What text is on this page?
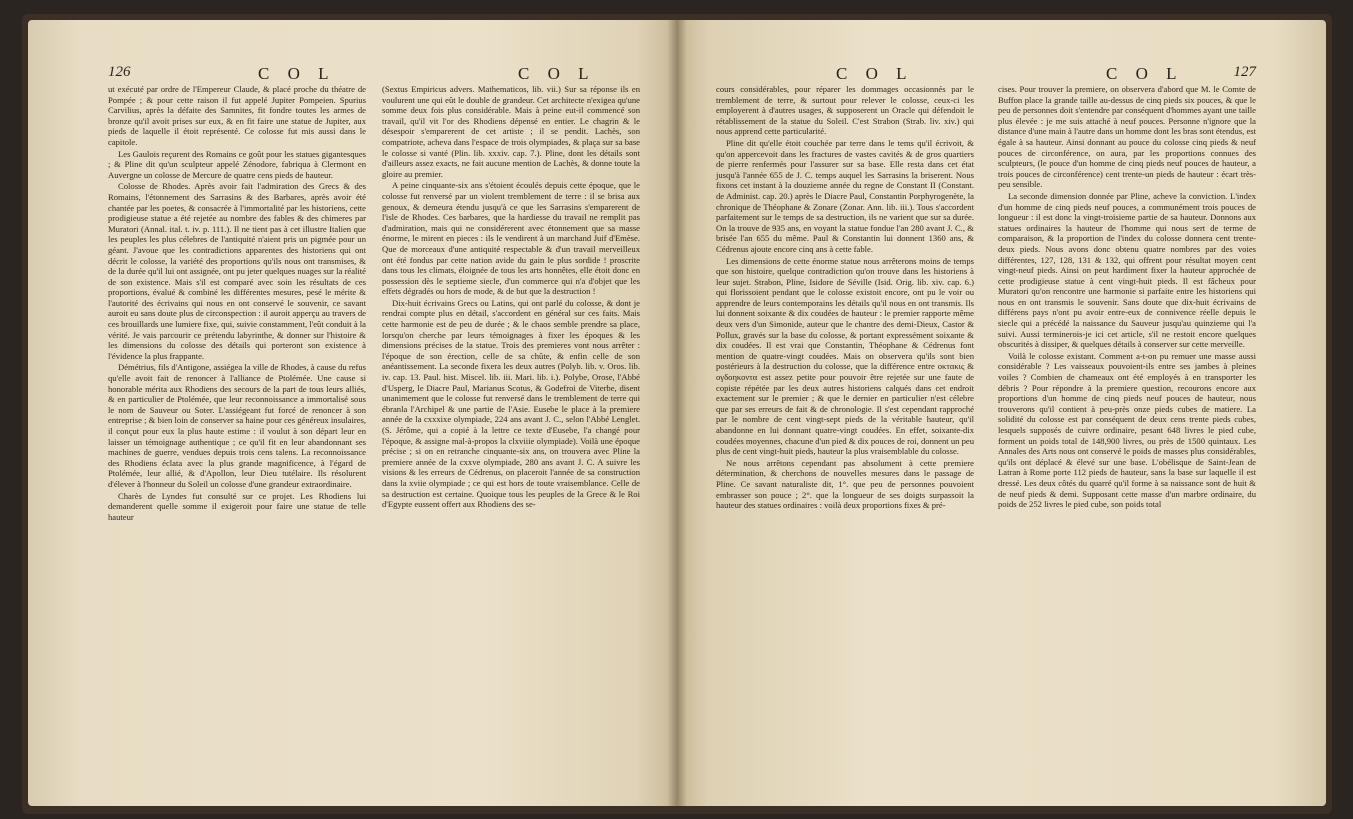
126	C O L	C O L

ut exécuté par ordre de l'Empereur Claude, & placé proche du théatre de Pompée ; & pour cette raison il fut appelé Jupiter Pompeien. Spurius Carvilius, après la défaite des Samnites, fit fondre toutes les armes de bronze qu'il avoit prises sur eux, & en fit faire une statue de Jupiter, aux pieds de laquelle il étoit représenté. Ce colosse fut mis aussi dans le capitole.

Les Gaulois reçurent des Romains ce goût pour les statues gigantesques ; & Pline dit qu'un sculpteur appelé Zénodore, fabriqua à Clermont en Auvergne un colosse de Mercure de quatre cens pieds de hauteur.

Colosse de Rhodes. Après avoir fait l'admiration des Grecs & des Romains, l'étonnement des Sarrasins & des Barbares, après avoir été chantée par les poetes, & consacrée à l'immortalité par les historiens, cette prodigieuse statue a été rejetée au nombre des fables & des chimeres par Muratori (Annal. ital. t. iv. p. 111.). Il ne tient pas à cet illustre Italien que les peuples les plus célebres de l'antiquité n'aient pris un pigmée pour un géant. J'avoue que les contradictions apparentes des historiens qui ont décrit le colosse, la variété des proportions qu'ils nous ont transmises, & de la durée qu'il lui ont assignée, ont pu jeter quelques nuages sur la réalité de son existence. Mais s'il est comparé avec soin les résultats de ces proportions, évalué & combiné les différentes mesures, pesé le mérite & l'autorité des écrivains qui nous en ont conservé le souvenir, ce savant auroit eu sans doute plus de circonspection : il auroit apperçu au travers de ces brouillards une lumiere fixe, qui, suivie constamment, l'eût conduit à la vérité. Je vais parcourir ce prétendu labyrinthe, & donner sur l'histoire & les dimensions du colosse des détails qui porteront son existence à l'évidence la plus frappante.

Démétrius, fils d'Antigone, assiégea la ville de Rhodes, à cause du refus qu'elle avoit fait de renoncer à l'alliance de Ptolémée. Une cause si honorable mérita aux Rhodiens des secours de la part de tous leurs alliés, & en particulier de Ptolémée, que leur reconnoissance a immortalisé sous le nom de Sauveur ou Soter. L'assiégeant fut forcé de renoncer à son entreprise ; & bien loin de conserver sa haine pour ces généreux insulaires, il conçut pour eux la plus haute estime : il voulut à son départ leur en laisser un témoignage authentique ; ce qu'il fit en leur abandonnant ses machines de guerre, vendues depuis trois cens talens. La reconnoissance des Rhodiens éclata avec la plus grande magnificence, à l'égard de Ptolémée, leur allié, & d'Apollon, leur Dieu tutélaire. Ils résolurent d'élever à l'honneur du Soleil un colosse d'une grandeur extraordinaire.

Charès de Lyndes fut consulté sur ce projet. Les Rhodiens lui demanderent quelle somme il exigeroit pour faire une statue de telle hauteur

(Sextus Empiricus advers. Mathematicos, lib. vii.) Sur sa réponse ils en voulurent une qui eût le double de grandeur. Cet architecte n'exigea qu'une somme deux fois plus considérable. Mais à peine eut-il commencé son travail, qu'il vit l'or des Rhodiens dépensé en entier. Le chagrin & le désespoir s'emparerent de cet artiste ; il se pendit. Lachès, son compatriote, acheva dans l'espace de trois olympiades, & plaça sur sa base le colosse si vanté (Plin. lib. xxxiv. cap. 7.). Pline, dont les détails sont d'ailleurs assez exacts, ne fait aucune mention de Lachès, & donne toute la gloire au premier.

A peine cinquante-six ans s'étoient écoulés depuis cette époque, que le colosse fut renversé par un violent tremblement de terre : il se brisa aux genoux, & demeura étendu jusqu'à ce que les Sarrasins s'emparerent de l'isle de Rhodes. Ces barbares, que la hardiesse du travail ne remplit pas d'admiration, mais qui ne considérerent avec étonnement que sa masse énorme, le mirent en pieces : ils le vendirent à un marchand Juif d'Emèse. Que de morceaux d'une antiquité respectable & d'un travail merveilleux ont été fondus par cette nation avide du gain le plus sordide ! proscrite dans tous les climats, éloignée de tous les arts honnêtes, elle étoit donc en possession dès le septieme siecle, d'un commerce qui n'a d'objet que les effets dégradés ou hors de mode, & de but que la destruction !

Dix-huit écrivains Grecs ou Latins, qui ont parlé du colosse, & dont je rendrai compte plus en détail, s'accordent en général sur ces faits. Mais cette harmonie est de peu de durée ; & le chaos semble prendre sa place, lorsqu'on cherche par leurs témoignages à fixer les époques & les dimensions précises de la statue. Trois des premieres vont nous arrêter : l'époque de son érection, celle de sa chûte, & enfin celle de son anéantissement. La seconde fixera les deux autres (Polyb. lib. v. Oros. lib. iv. cap. 13. Paul. hist. Miscel. lib. iii. Mari. lib. i.). Polybe, Orose, l'Abbé d'Usperg, le Diacre Paul, Marianus Scotus, & Godefroi de Viterbe, disent unanimement que le colosse fut renversé dans le tremblement de terre qui ébranla l'Archipel & une partie de l'Asie. Eusebe le place à la premiere année de la cxxxixe olympiade, 224 ans avant J. C., selon l'Abbé Lenglet. (S. Jérôme, qui a copié à la lettre ce texte d'Eusebe, l'a changé pour l'époque, & assigne mal-à-propos la clxviiie olympiade). Voilà une époque précise ; si on en retranche cinquante-six ans, on trouvera avec Pline la premiere année de la cxxve olympiade, 280 ans avant J. C. A suivre les visions & les erreurs de Cédrenus, on placeroit l'année de sa construction dans la xviie olympiade ; ce qui est hors de toute vraisemblance. Celle de sa destruction est certaine. Quoique tous les peuples de la Grece & le Roi d'Egypte eussent offert aux Rhodiens des se-

C O L	C O L	127

cours considérables, pour réparer les dommages occasionnés par le tremblement de terre, & surtout pour relever le colosse, ceux-ci les employerent à d'autres usages, & supposerent un Oracle qui défendoit le rétablissement de la statue du Soleil. C'est Strabon (Strab. liv. xiv.) qui nous apprend cette particularité.

Pline dit qu'elle étoit couchée par terre dans le tems qu'il écrivoit, & qu'on appercevoit dans les fractures de vastes cavités & de gros quartiers de pierre renfermés pour l'assurer sur sa base. Elle resta dans cet état jusqu'à l'année 655 de J. C. temps auquel les Sarrasins la briserent. Nous fixons cet instant à la douzieme année du regne de Constant II (Constant. de Administ. cap. 20.) après le Diacre Paul, Constantin Porphyrogenète, la chronique de Théophane & Zonare (Zonar. Ann. lib. iii.). Tous s'accordent parfaitement sur le temps de sa destruction, ils ne varient que sur sa durée. On la trouve de 935 ans, en voyant la statue fondue l'an 280 avant J. C., & brisée l'an 655 du même. Paul & Constantin lui donnent 1360 ans, & Cédrenus ajoute encore cinq ans à cette fable.

Les dimensions de cette énorme statue nous arrêterons moins de temps que son histoire, quelque contradiction qu'on trouve dans les historiens à leur sujet. Strabon, Pline, Isidore de Séville (Isid. Orig. lib. xiv. cap. 6.) qui florissoient pendant que le colosse existoit encore, ont pu le voir ou apprendre de leurs contemporains les détails qu'il nous en ont transmis. Ils lui donnent soixante & dix coudées de hauteur : le premier rapporte même deux vers d'un Simonide, auteur que le chantre des demi-Dieux, Castor & Pollux, gravés sur la base du colosse, & portant expressément soixante & dix coudées. Il est vrai que Constantin, Théophane & Cédrenus font mention de quatre-vingt coudées. Mais on observera qu'ils sont bien postérieurs à la destruction du colosse, que la différence entre οκτακις & ογδοηκοντα est assez petite pour pouvoir être rejetée sur une faute de copiste répétée par les deux autres historiens calqués dans cet endroit exactement sur le premier ; & que le dernier en particulier n'est célebre que par ses erreurs de fait & de chronologie. Il s'est cependant rapproché par le nombre de cent vingt-sept pieds de la véritable hauteur, qu'il abandonne en lui donnant quatre-vingt coudées. En effet, soixante-dix coudées moyennes, chacune d'un pied & dix pouces de roi, donnent un peu plus de cent vingt-huit pieds, hauteur la plus vraisemblable du colosse.

Ne nous arrêtons cependant pas absolument à cette premiere détermination, & cherchons de nouvelles mesures dans le passage de Pline. Ce savant naturaliste dit, 1°. que peu de personnes pouvoient embrasser son pouce ; 2°. que la longueur de ses doigts surpassoit la hauteur des statues ordinaires : voilà deux proportions fixes & pré-

cises. Pour trouver la premiere, on observera d'abord que M. le Comte de Buffon place la grande taille au-dessus de cinq pieds six pouces, & que le peu de personnes doit s'entendre par conséquent d'hommes ayant une taille plus élevée : je me suis attaché à neuf pouces. Personne n'ignore que la distance d'une main à l'autre dans un homme dont les bras sont étendus, est égale à sa hauteur. Ainsi donnant au pouce du colosse cinq pieds & neuf pouces de circonférence, on aura, par les proportions connues des sculpteurs, (le pouce d'un homme de cinq pieds neuf pouces de hauteur, a trois pouces de circonférence) cent trente-un pieds de hauteur : écart très-peu sensible.

La seconde dimension donnée par Pline, acheve la conviction. L'index d'un homme de cinq pieds neuf pouces, a communément trois pouces de longueur : il est donc la vingt-troisieme partie de sa hauteur. Donnons aux statues ordinaires la hauteur de l'homme qui nous sert de terme de comparaison, & la proportion de l'index du colosse donnera cent trente-deux pieds. Nous avons donc obtenu quatre nombres par des voies différentes, 127, 128, 131 & 132, qui offrent pour résultat moyen cent vingt-neuf pieds. Ainsi on peut hardiment fixer la hauteur approchée de cette prodigieuse statue à cent vingt-huit pieds. Il est fâcheux pour Muratori qu'on rencontre une harmonie si parfaite entre les historiens qui nous en ont transmis le souvenir. Sans doute que dix-huit écrivains de différens pays n'ont pu avoir entre-eux de connivence réelle depuis le siecle qui a précédé la naissance du Sauveur jusqu'au quinzieme qui l'a suivi. Aussi terminerois-je ici cet article, s'il ne restoit encore quelques obscurités à dissiper, & quelques détails à conserver sur cette merveille.

Voilà le colosse existant. Comment a-t-on pu remuer une masse aussi considérable ? Les vaisseaux pouvoient-ils entre ses jambes à pleines voiles ? Combien de chameaux ont été employés à en transporter les débris ? Pour répondre à la premiere question, recourons encore aux proportions d'un homme de cinq pieds neuf pouces de hauteur, nous trouverons qu'il contient à peu-près onze pieds cubes de matiere. La solidité du colosse est par conséquent de deux cens trente pieds cubes, lesquels supposés de cuivre ordinaire, pesant 648 livres le pied cube, forment un poids total de 148,900 livres, ou près de 1500 quintaux. Les Annales des Arts nous ont conservé le poids de masses plus considérables, qu'ils ont déplacé & élevé sur une base. L'obélisque de Saint-Jean de Latran à Rome porte 112 pieds de hauteur, sans la base sur laquelle il est dressé. Les deux côtés du quarré qu'il forme à sa naissance sont de huit & de neuf pieds & demi. Supposant cette masse d'un marbre ordinaire, du poids de 252 livres le pied cube, son poids total
